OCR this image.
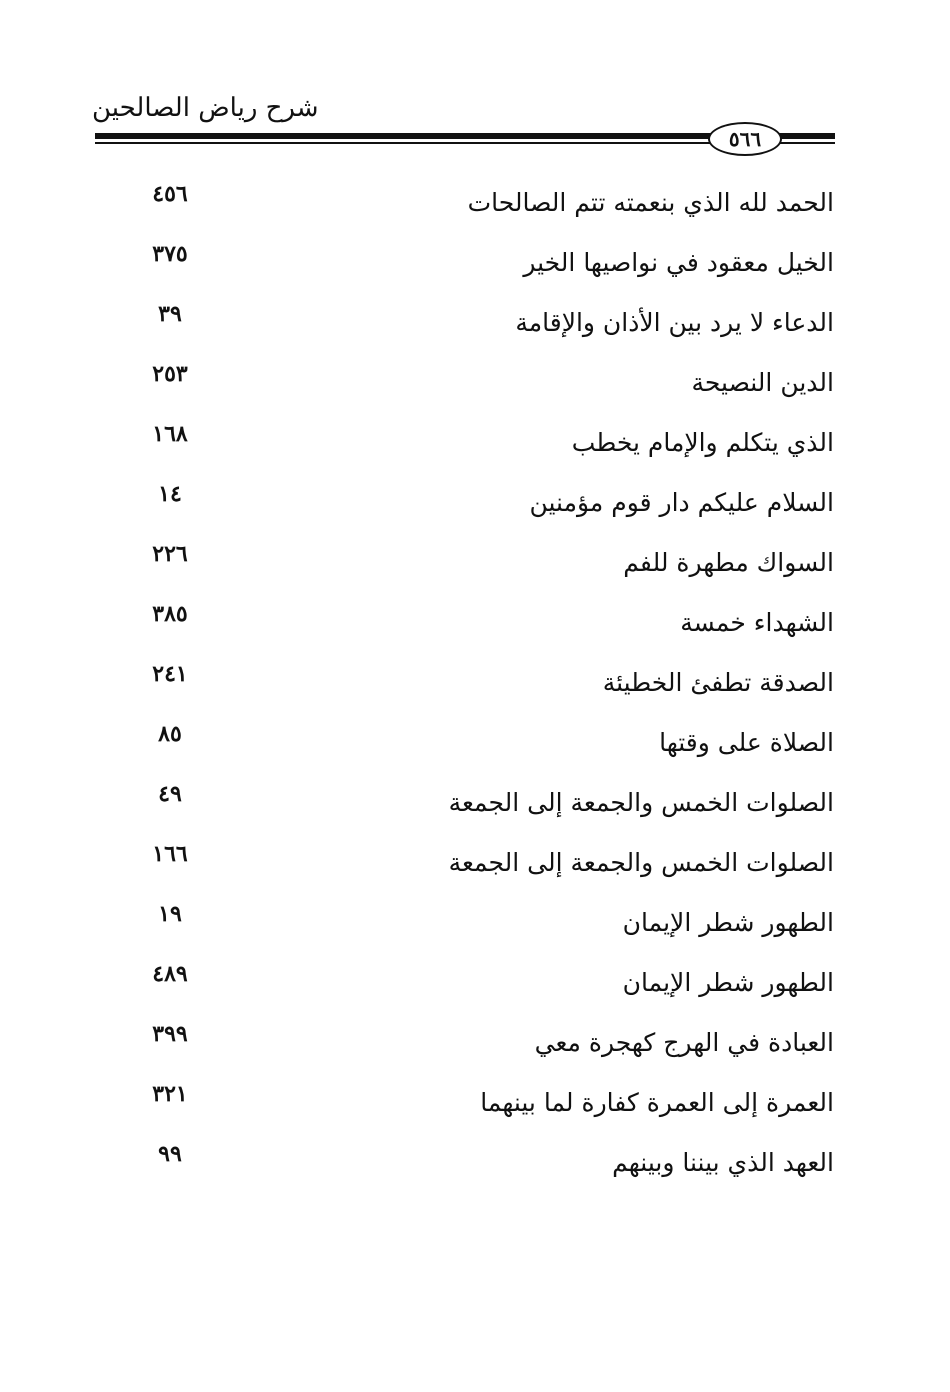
شرح رياض الصالحين
٥٦٦
الحمد لله الذي بنعمته تتم الصالحات
٤٥٦
الخيل معقود في نواصيها الخير
٣٧٥
الدعاء لا يرد بين الأذان والإقامة
٣٩
الدين النصيحة
٢٥٣
الذي يتكلم والإمام يخطب
١٦٨
السلام عليكم دار قوم مؤمنين
١٤
السواك مطهرة للفم
٢٢٦
الشهداء خمسة
٣٨٥
الصدقة تطفئ الخطيئة
٢٤١
الصلاة على وقتها
٨٥
الصلوات الخمس والجمعة إلى الجمعة
٤٩
الصلوات الخمس والجمعة إلى الجمعة
١٦٦
الطهور شطر الإيمان
١٩
الطهور شطر الإيمان
٤٨٩
العبادة في الهرج كهجرة معي
٣٩٩
العمرة إلى العمرة كفارة لما بينهما
٣٢١
العهد الذي بيننا وبينهم
٩٩
